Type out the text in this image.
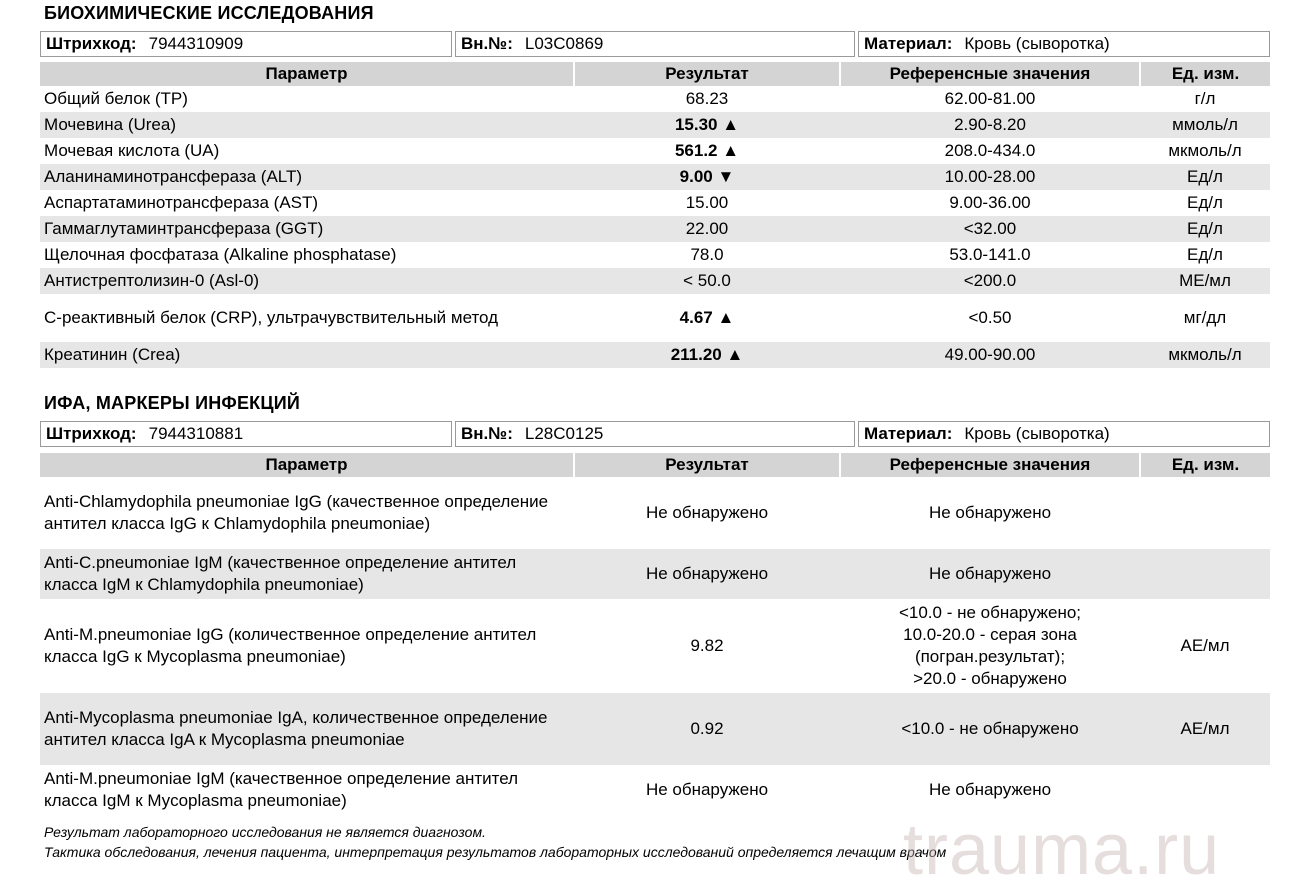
БИОХИМИЧЕСКИЕ ИССЛЕДОВАНИЯ
Штрихкод: 7944310909	Вн.№: L03C0869	Материал: Кровь (сыворотка)
Параметр	Результат	Референсные значения	Ед. изм.
Общий белок (TP)	68.23	62.00-81.00	г/л
Мочевина (Urea)	15.30 ▲	2.90-8.20	ммоль/л
Мочевая кислота (UA)	561.2 ▲	208.0-434.0	мкмоль/л
Аланинаминотрансфераза (ALT)	9.00 ▼	10.00-28.00	Ед/л
Аспартатаминотрансфераза (AST)	15.00	9.00-36.00	Ед/л
Гаммаглутаминтрансфераза (GGT)	22.00	<32.00	Ед/л
Щелочная фосфатаза (Alkaline phosphatase)	78.0	53.0-141.0	Ед/л
Антистрептолизин-0 (Asl-0)	< 50.0	<200.0	МЕ/мл
C-реактивный белок (CRP), ультрачувствительный метод	4.67 ▲	<0.50	мг/дл
Креатинин (Crea)	211.20 ▲	49.00-90.00	мкмоль/л
ИФА, МАРКЕРЫ ИНФЕКЦИЙ
Штрихкод: 7944310881	Вн.№: L28C0125	Материал: Кровь (сыворотка)
Параметр	Результат	Референсные значения	Ед. изм.
Anti-Chlamydophila pneumoniae IgG (качественное определение антител класса IgG к Chlamydophila pneumoniae)	Не обнаружено	Не обнаружено	
Anti-C.pneumoniae IgM (качественное определение антител класса IgM к Chlamydophila pneumoniae)	Не обнаружено	Не обнаружено	
Anti-M.pneumoniae IgG (количественное определение антител класса IgG к Mycoplasma pneumoniae)	9.82	<10.0 - не обнаружено;
10.0-20.0 - серая зона
(погран.результат);
>20.0 - обнаружено	АЕ/мл
Anti-Mycoplasma pneumoniae IgA, количественное определение антител класса IgA к Mycoplasma pneumoniae	0.92	<10.0 - не обнаружено	АЕ/мл
Anti-M.pneumoniae IgM (качественное определение антител класса IgM к Mycoplasma pneumoniae)	Не обнаружено	Не обнаружено	
Результат лабораторного исследования не является диагнозом.
Тактика обследования, лечения пациента, интерпретация результатов лабораторных исследований определяется лечащим врачом
trauma.ru
